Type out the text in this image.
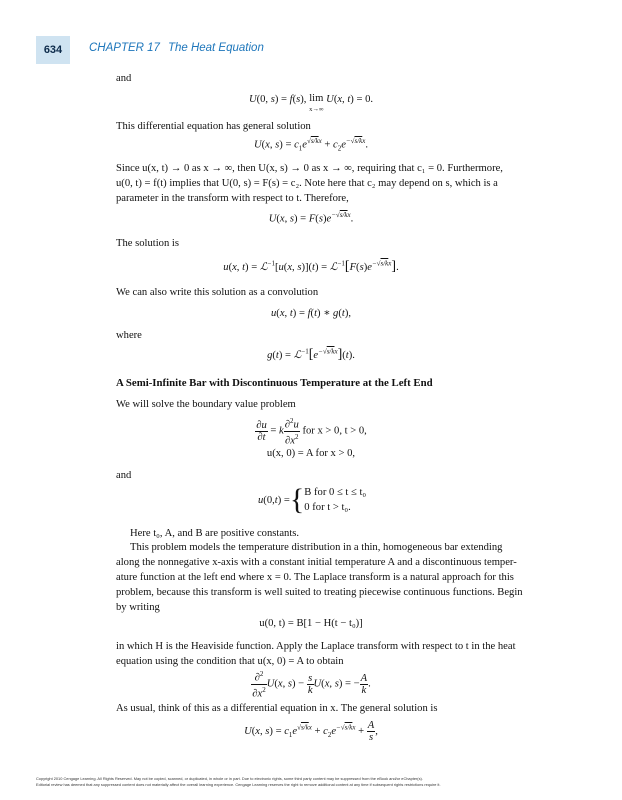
634	CHAPTER 17 The Heat Equation
and
U(0, s) = f(s), lim
x→∞ U(x, t) = 0.
This differential equation has general solution
U(x, $s) = c_1e^{√s/kx} + c_2e^{-√s/kx}$.
Since u(x, t) → 0 as x → ∞, then U(x, s) → 0 as x → ∞, requiring that c₁ = 0. Furthermore,
u(0, t) = f(t) implies that U(0, s) = F(s) = c₂. Note here that c₂ may depend on s, which is a
parameter in the transform with respect to t. Therefore,
U(x, $s) = F(s)e^{-√s/kx}$.
The solution is
u(x, t) = ℒ$^{-1}$[u(x, $s)](t) = ℒ^{-1}[F(s)e^{-√s/kx}]$.
We can also write this solution as a convolution
u(x, t) = f(t) ∗ g(t),
where
$g(t) = ℒ^{-1}[e^{-√s/kx}](t)$.
A Semi-Infinite Bar with Discontinuous Temperature at the Left End
We will solve the boundary value problem
$\frac{\partial u}{\partial t} = k \frac{\partial^2u}{\partial x^2}$ for x > 0, t > 0,
u(x, 0) = A for x > 0,
and
u (0, t ) = { B for 0 ≤ t ≤ t₀
0 for t > t₀.
Here t₀, A, and B are positive constants.
This problem models the temperature distribution in a thin, homogeneous bar extending
along the nonnegative x-axis with a constant initial temperature A and a discontinuous temper-
ature function at the left end where x = 0. The Laplace transform is a natural approach for this
problem, because this transform is well suited to treating piecewise continuous functions. Begin
by writing
u(0, t) = B[1 − H(t − t₀)]
in which H is the Heaviside function. Apply the Laplace transform with respect to t in the heat
equation using the condition that u(x, 0) = A to obtain
$\frac{\partial^2}{\partial x^2} U(x$, $s) - \frac{s}{k} U(x$, s) = − $\frac{A}{k}$ .
As usual, think of this as a differential equation in x. The general solution is
U(x, $s) = c_1e^{√s/kx} + c_2e^{-√s/kx} + \frac{A}{s}$ ,
Copyright 2010 Cengage Learning. All Rights Reserved. May not be copied, scanned, or duplicated, in whole or in part. Due to electronic rights, some third party content may be suppressed from the eBook and/or eChapter(s).
Editorial review has deemed that any suppressed content does not materially affect the overall learning experience. Cengage Learning reserves the right to remove additional content at any time if subsequent rights restrictions require it.
